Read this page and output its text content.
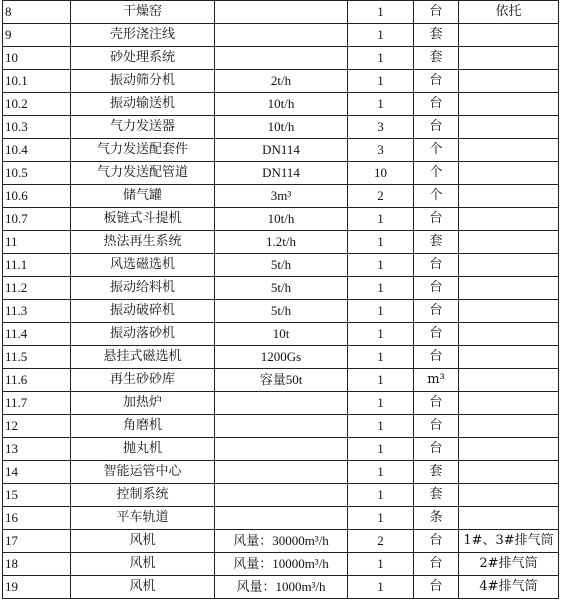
8	干燥窑		1	台	依托
9	壳形浇注线		1	套	
10	砂处理系统		1	套	
10.1	振动筛分机	2t/h	1	台	
10.2	振动输送机	10t/h	1	台	
10.3	气力发送器	10t/h	3	台	
10.4	气力发送配套件	DN114	3	个	
10.5	气力发送配管道	DN114	10	个	
10.6	储气罐	3m³	2	个	
10.7	板链式斗提机	10t/h	1	台	
11	热法再生系统	1.2t/h	1	套	
11.1	风选磁选机	5t/h	1	台	
11.2	振动给料机	5t/h	1	台	
11.3	振动破碎机	5t/h	1	台	
11.4	振动落砂机	10t	1	台	
11.5	悬挂式磁选机	1200Gs	1	台	
11.6	再生砂砂库	容量50t	1	m³	
11.7	加热炉		1	台	
12	角磨机		1	台	
13	抛丸机		1	台	
14	智能运管中心		1	套	
15	控制系统		1	套	
16	平车轨道		1	条	
17	风机	风量：30000m³/h	2	台	1#、3#排气筒
18	风机	风量：10000m³/h	1	台	2#排气筒
19	风机	风量：1000m³/h	1	台	4#排气筒
